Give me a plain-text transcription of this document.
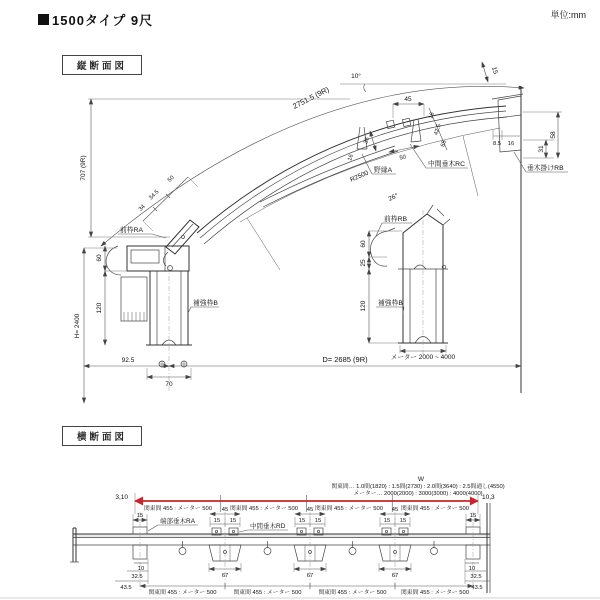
1500タイプ 9尺	単位:mm
縦断面図
横断面図
2751.5 (9R)
R2500
26°
10°
707 (9R)
15
31
58
8.5 16
垂木掛けRB
45
16
42.5
65
36
16	50
中間垂木RC
野縁A
34
34.5
50
前枠RA
補強枠B
60
120
H= 2400
92.5
70
D= 2685 (9R)
前枠RB
補強枠B
60
25
120
メーター 2000 ~ 4000
W
関東間… 1.0間(1820) : 1.5間(2730) : 2.0間(3640) : 2.5間通し(4550)
メーター… 2000(2000) : 3000(3000) : 4000(4000)
関東間 455 : メーター 500	関東間 455 : メーター 500	関東間 455 : メーター 500	関東間 455 : メーター 500
3,10	10,3
15
10
32.5
43.5
45
15 15
67
45
15 15
67
45
15 15
67
15
10
32.5
43.5
端部垂木RA
中間垂木RD
関東間 455 : メーター 500	関東間 455 : メーター 500	関東間 455 : メーター 500	関東間 455 : メーター 500
